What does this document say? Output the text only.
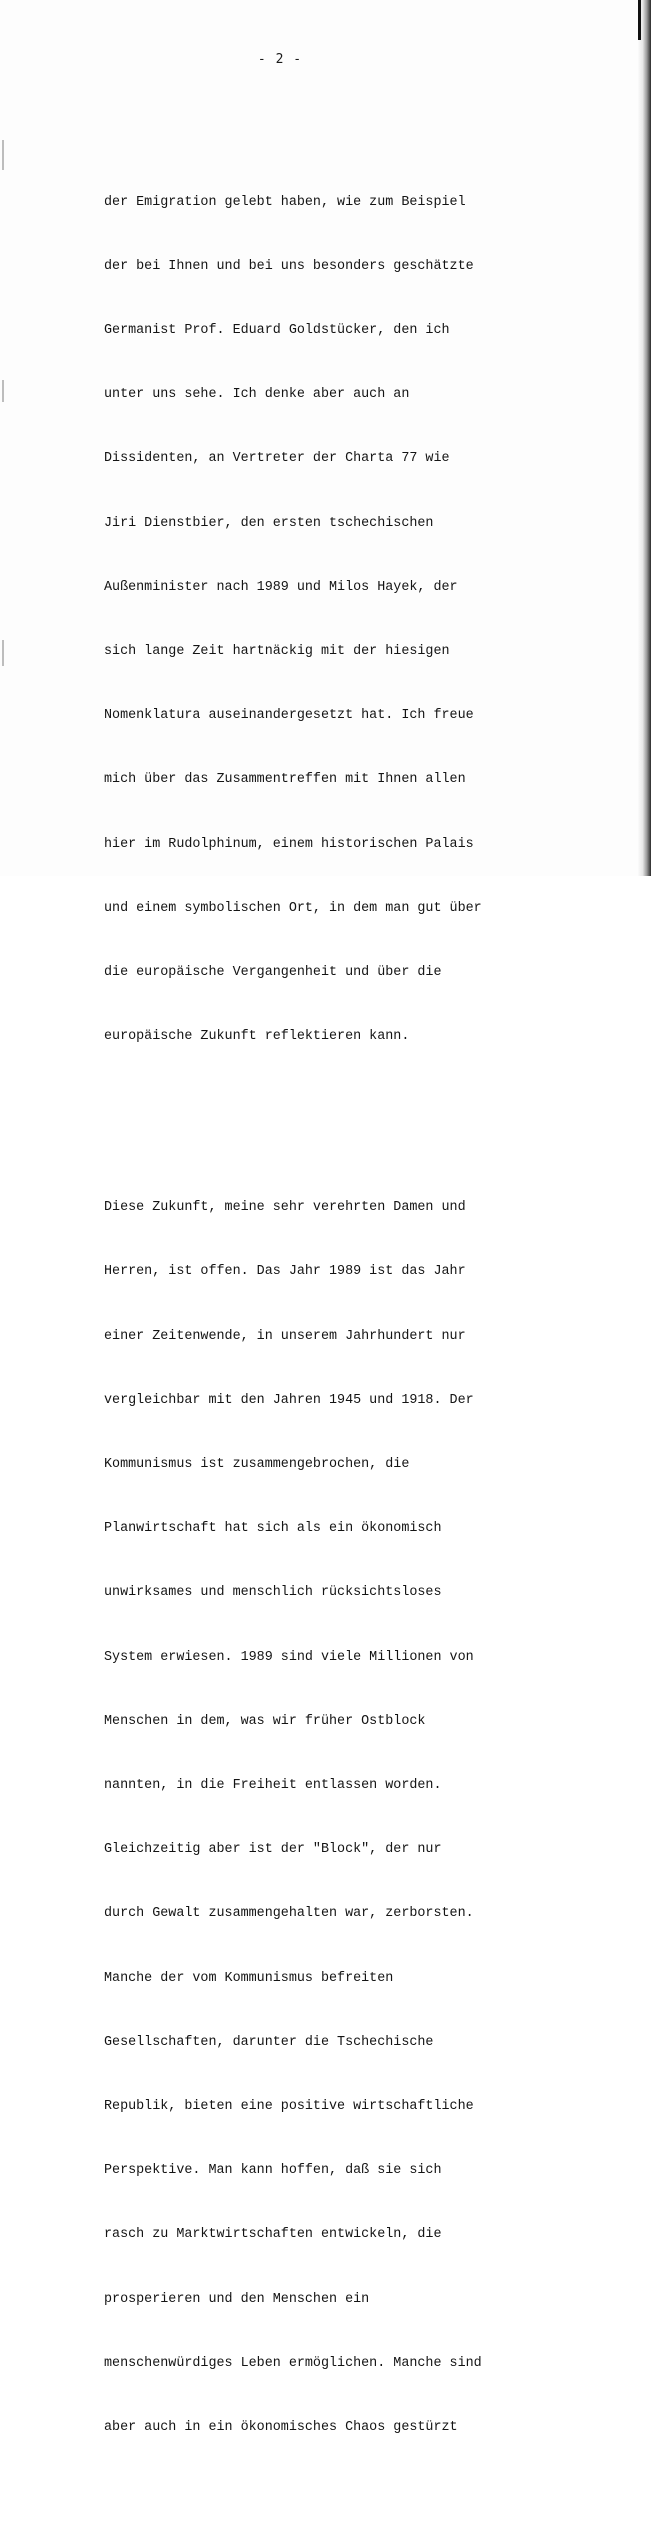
- 2 -

der Emigration gelebt haben, wie zum Beispiel

der bei Ihnen und bei uns besonders geschätzte

Germanist Prof. Eduard Goldstücker, den ich

unter uns sehe. Ich denke aber auch an

Dissidenten, an Vertreter der Charta 77 wie

Jiri Dienstbier, den ersten tschechischen

Außenminister nach 1989 und Milos Hayek, der

sich lange Zeit hartnäckig mit der hiesigen

Nomenklatura auseinandergesetzt hat. Ich freue

mich über das Zusammentreffen mit Ihnen allen

hier im Rudolphinum, einem historischen Palais

und einem symbolischen Ort, in dem man gut über

die europäische Vergangenheit und über die

europäische Zukunft reflektieren kann.

Diese Zukunft, meine sehr verehrten Damen und

Herren, ist offen. Das Jahr 1989 ist das Jahr

einer Zeitenwende, in unserem Jahrhundert nur

vergleichbar mit den Jahren 1945 und 1918. Der

Kommunismus ist zusammengebrochen, die

Planwirtschaft hat sich als ein ökonomisch

unwirksames und menschlich rücksichtsloses

System erwiesen. 1989 sind viele Millionen von

Menschen in dem, was wir früher Ostblock

nannten, in die Freiheit entlassen worden.

Gleichzeitig aber ist der "Block", der nur

durch Gewalt zusammengehalten war, zerborsten.

Manche der vom Kommunismus befreiten

Gesellschaften, darunter die Tschechische

Republik, bieten eine positive wirtschaftliche

Perspektive. Man kann hoffen, daß sie sich

rasch zu Marktwirtschaften entwickeln, die

prosperieren und den Menschen ein

menschenwürdiges Leben ermöglichen. Manche sind

aber auch in ein ökonomisches Chaos gestürzt
